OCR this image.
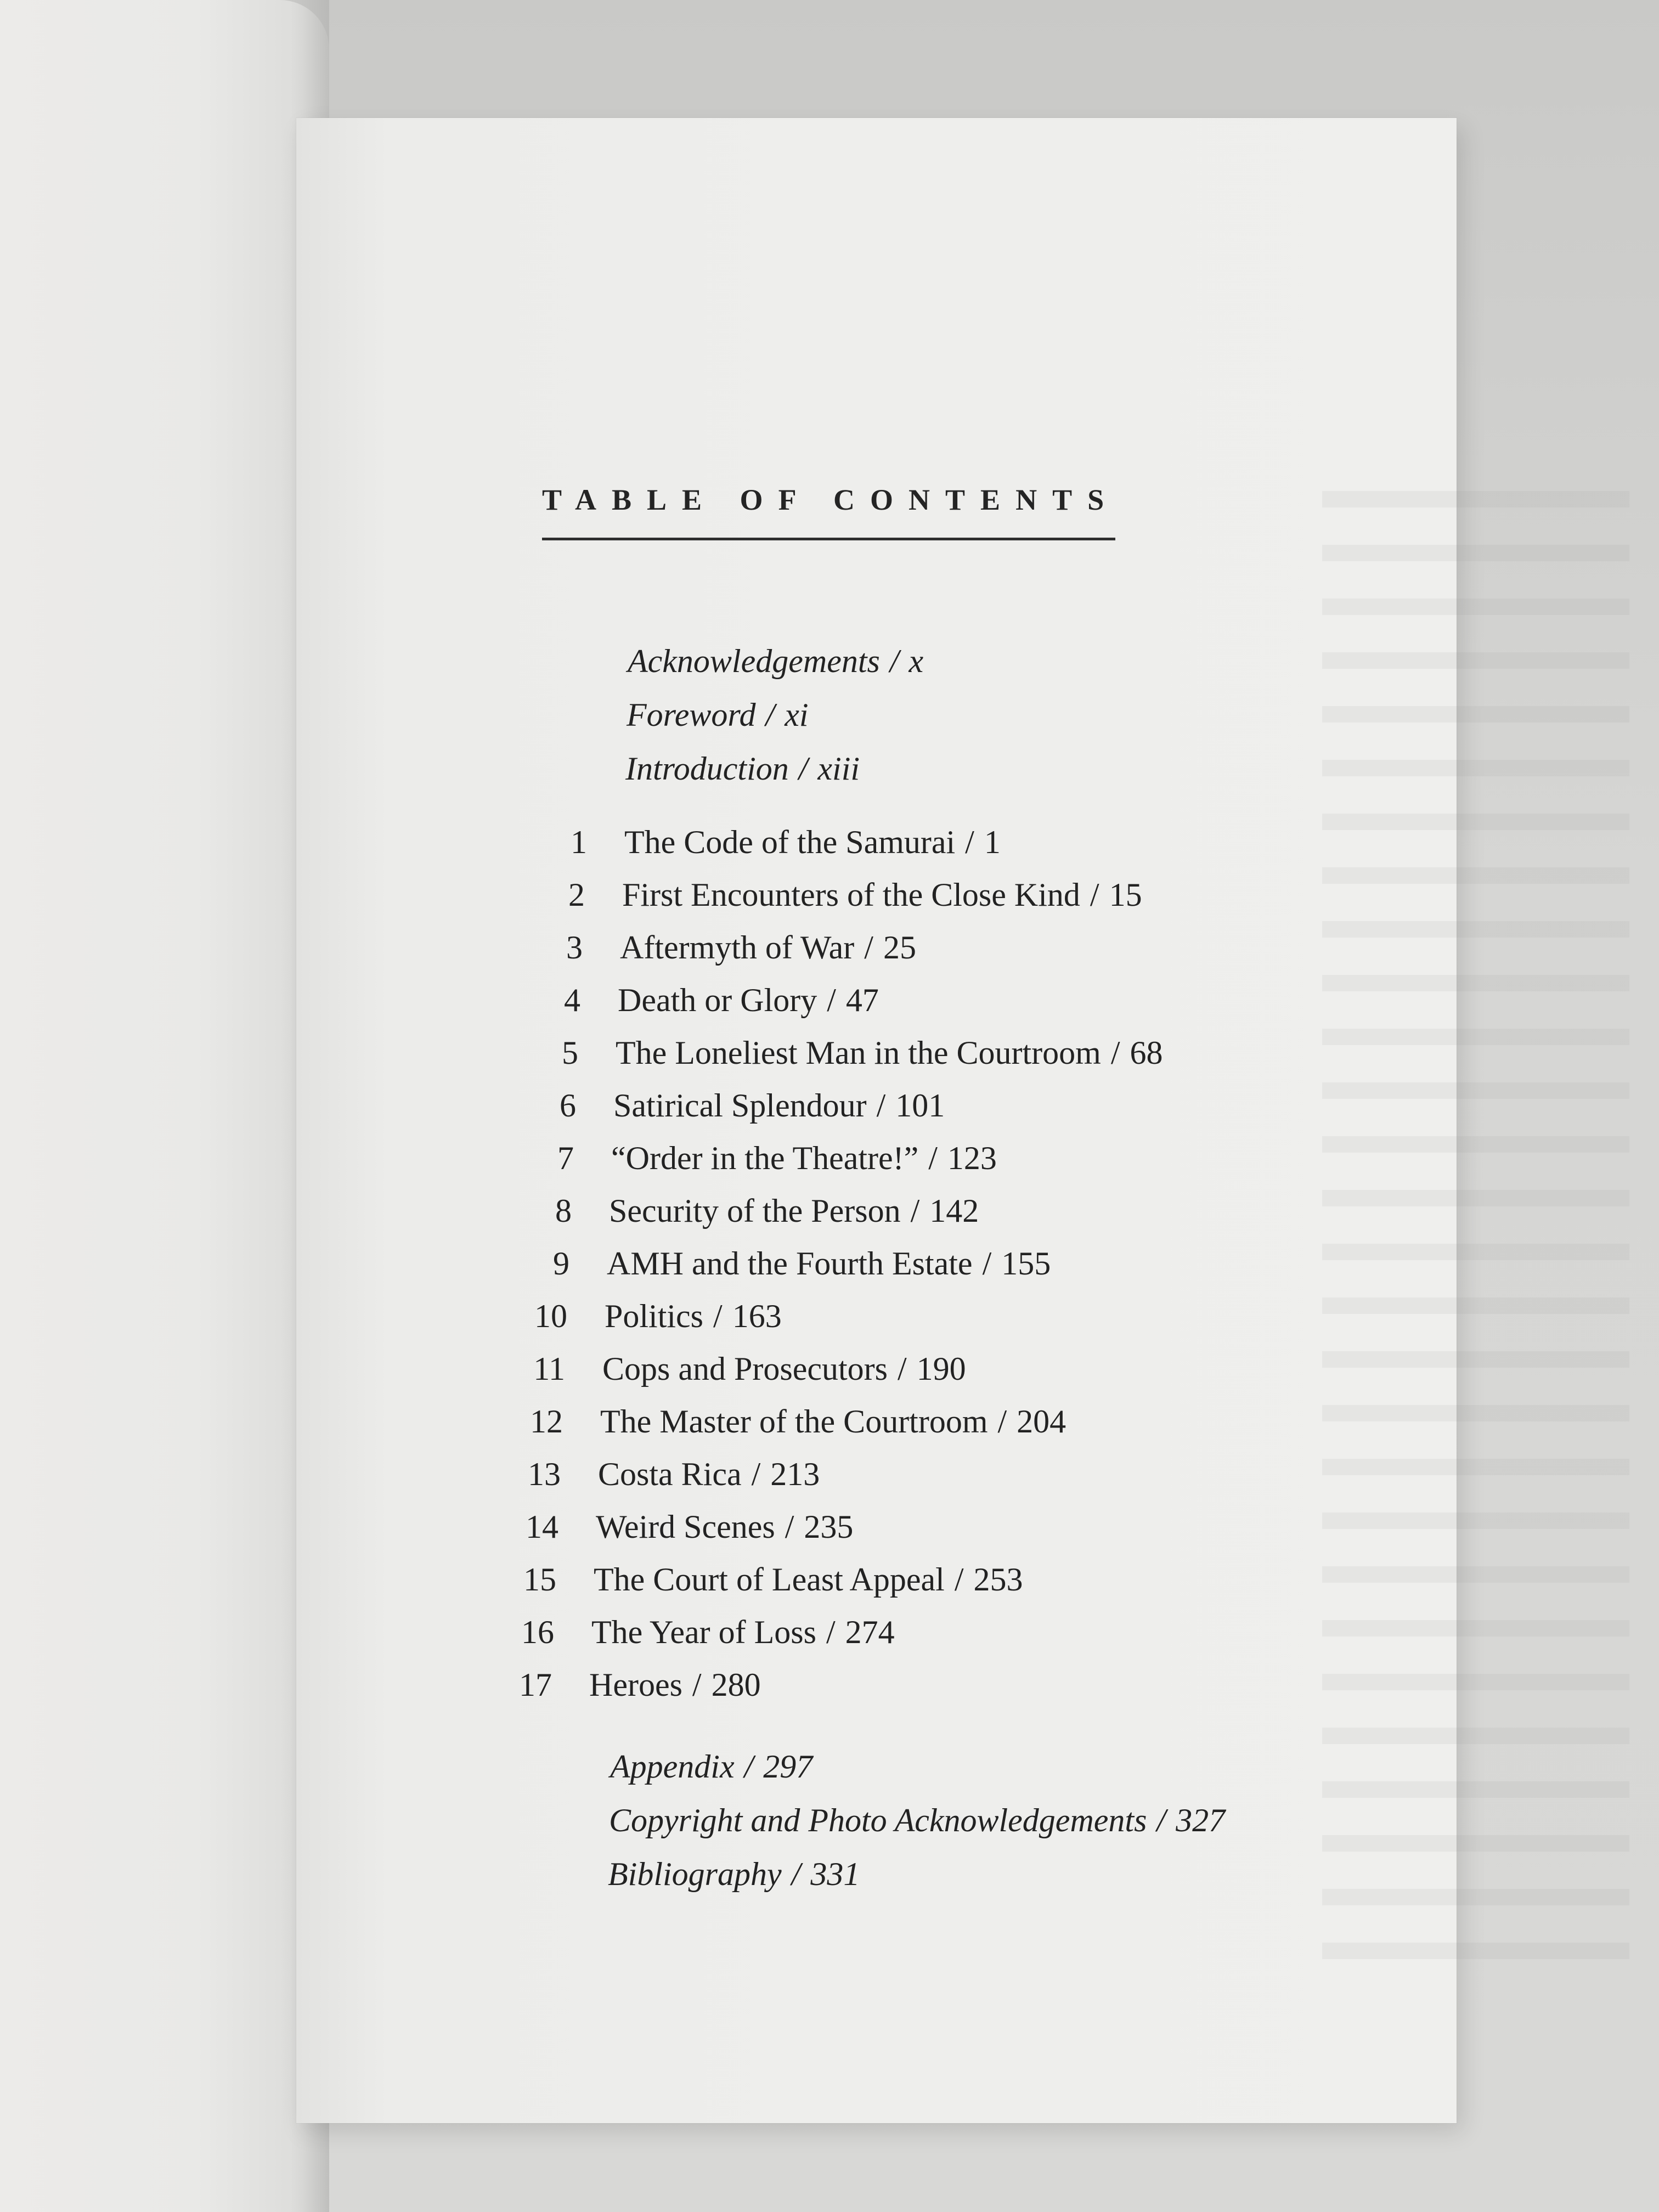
TABLE OF CONTENTS
Acknowledgements / x
Foreword / xi
Introduction / xiii
1 The Code of the Samurai / 1
2 First Encounters of the Close Kind / 15
3 Aftermyth of War / 25
4 Death or Glory / 47
5 The Loneliest Man in the Courtroom / 68
6 Satirical Splendour / 101
7 “Order in the Theatre!” / 123
8 Security of the Person / 142
9 AMH and the Fourth Estate / 155
10 Politics / 163
11 Cops and Prosecutors / 190
12 The Master of the Courtroom / 204
13 Costa Rica / 213
14 Weird Scenes / 235
15 The Court of Least Appeal / 253
16 The Year of Loss / 274
17 Heroes / 280
Appendix / 297
Copyright and Photo Acknowledgements / 327
Bibliography / 331
